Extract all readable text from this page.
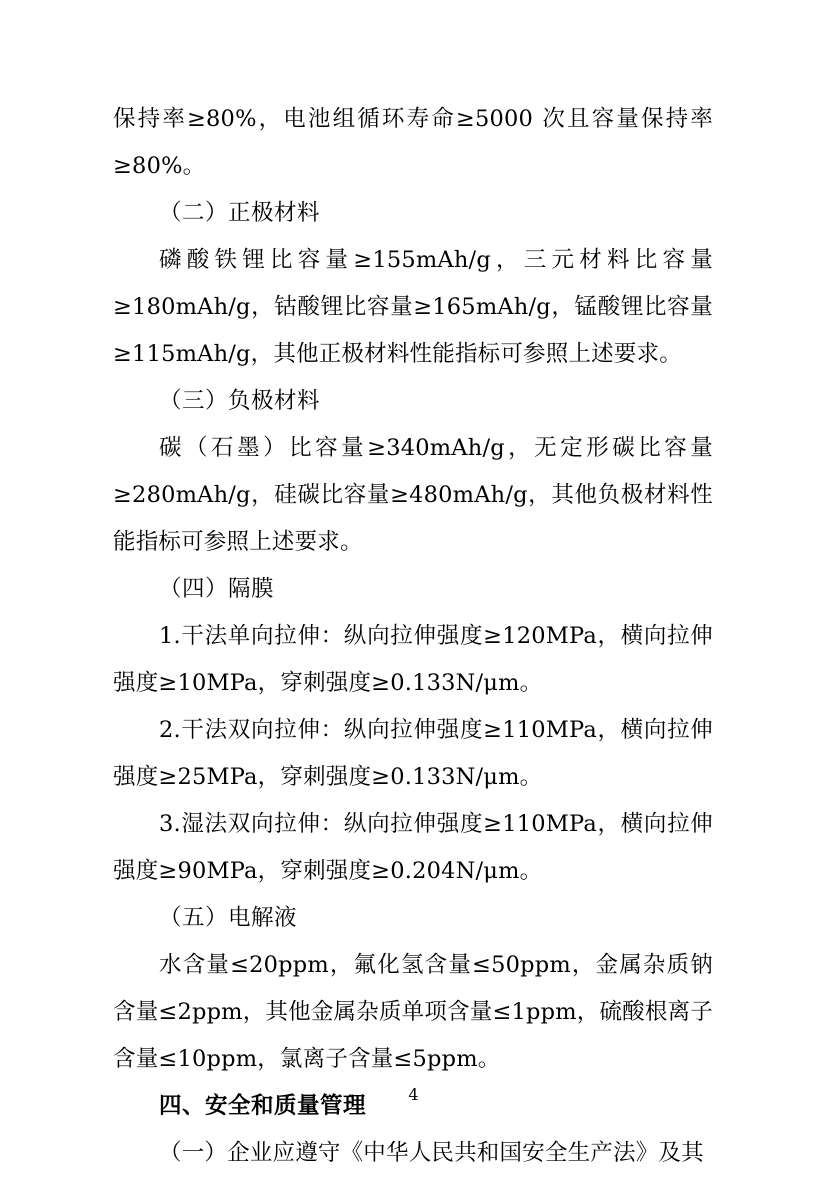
保持率≥80%，电池组循环寿命≥5000 次且容量保持率≥80%。

（二）正极材料

磷酸铁锂比容量≥155mAh/g，三元材料比容量≥180mAh/g，钴酸锂比容量≥165mAh/g，锰酸锂比容量≥115mAh/g，其他正极材料性能指标可参照上述要求。

（三）负极材料

碳（石墨）比容量≥340mAh/g，无定形碳比容量≥280mAh/g，硅碳比容量≥480mAh/g，其他负极材料性能指标可参照上述要求。

（四）隔膜

1.干法单向拉伸：纵向拉伸强度≥120MPa，横向拉伸强度≥10MPa，穿刺强度≥0.133N/μm。

2.干法双向拉伸：纵向拉伸强度≥110MPa，横向拉伸强度≥25MPa，穿刺强度≥0.133N/μm。

3.湿法双向拉伸：纵向拉伸强度≥110MPa，横向拉伸强度≥90MPa，穿刺强度≥0.204N/μm。

（五）电解液

水含量≤20ppm，氟化氢含量≤50ppm，金属杂质钠含量≤2ppm，其他金属杂质单项含量≤1ppm，硫酸根离子含量≤10ppm，氯离子含量≤5ppm。

四、安全和质量管理

（一）企业应遵守《中华人民共和国安全生产法》及其

4
